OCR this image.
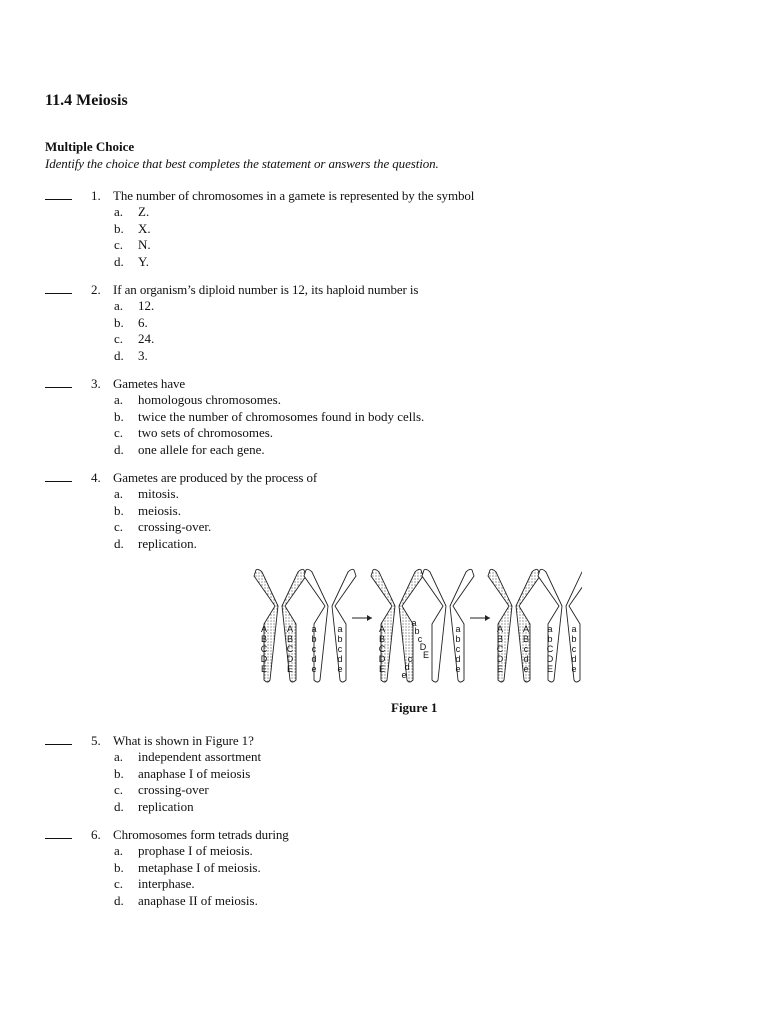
11.4 Meiosis
Multiple Choice
Identify the choice that best completes the statement or answers the question.
1. The number of chromosomes in a gamete is represented by the symbol
a.	Z.
b.	X.
c.	N.
d.	Y.
2. If an organism’s diploid number is 12, its haploid number is
a.	12.
b.	6.
c.	24.
d.	3.
3. Gametes have
a.	homologous chromosomes.
b.	twice the number of chromosomes found in body cells.
c.	two sets of chromosomes.
d.	one allele for each gene.
4. Gametes are produced by the process of
a.	mitosis.
b.	meiosis.
c.	crossing-over.
d.	replication.
A
B
C
D
E
A
B
C
D
E
a
b
c
d
e
a
b
c
d
e
A
B
C
D
E
a
b
c
D
E
c
d
e
a
b
c
d
e
A
B
C
D
E
A
B
c
d
e
a
b
C
D
E
a
b
c
d
e
Figure 1
5. What is shown in Figure 1?
a.	independent assortment
b.	anaphase I of meiosis
c.	crossing-over
d.	replication
6. Chromosomes form tetrads during
a.	prophase I of meiosis.
b.	metaphase I of meiosis.
c.	interphase.
d.	anaphase II of meiosis.
